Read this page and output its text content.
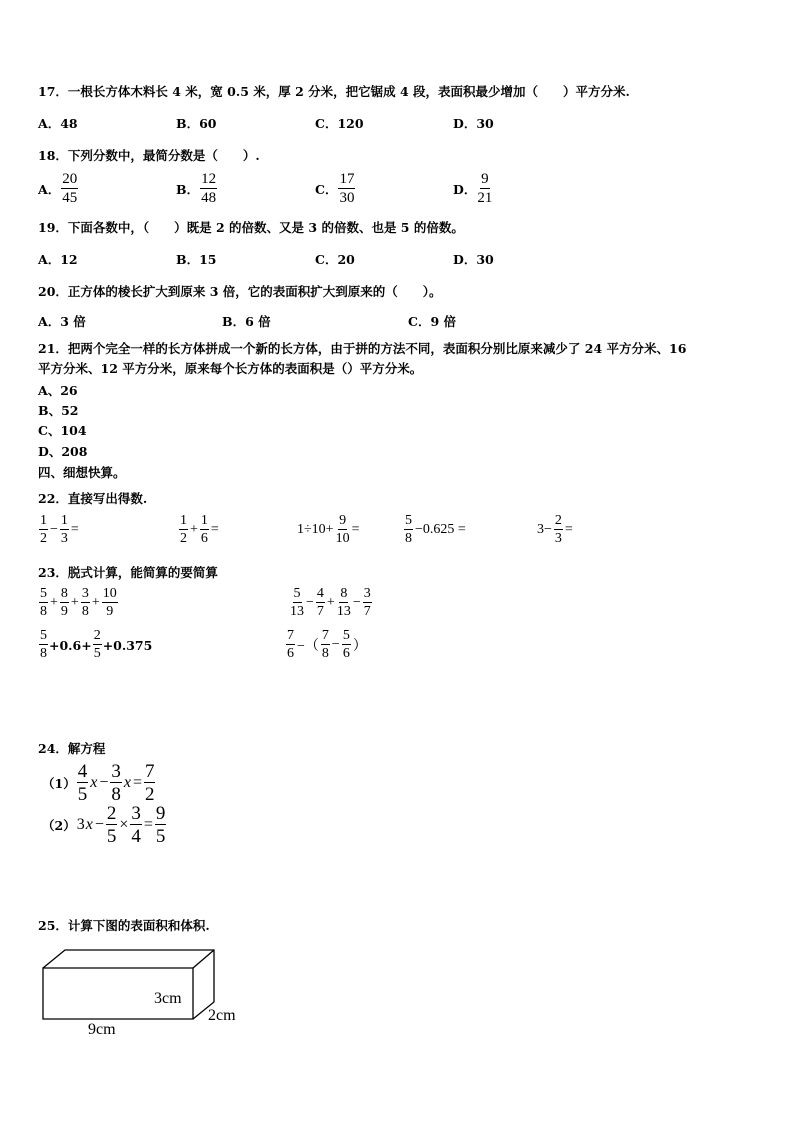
17．一根长方体木料长 4 米，宽 0.5 米，厚 2 分米，把它锯成 4 段，表面积最少增加（　　）平方分米.
A．48	B．60	C．120	D．30
18．下列分数中，最简分数是（　　）.
A． $\frac{20}{45}$	B． $\frac{12}{48}$	C． $\frac{17}{30}$	D． $\frac{9}{21}$
19．下面各数中，（　　）既是 2 的倍数、又是 3 的倍数、也是 5 的倍数。
A．12	B．15	C．20	D．30
20．正方体的棱长扩大到原来 3 倍，它的表面积扩大到原来的（　　）。
A．3 倍	B．6 倍	C．9 倍
21．把两个完全一样的长方体拼成一个新的长方体，由于拼的方法不同，表面积分别比原来减少了 24 平方分米、16
平方分米、12 平方分米，原来每个长方体的表面积是（）平方分米。
A、26
B、52
C、104
D、208
四、细想快算。
22．直接写出得数.
$\frac{1}{2} - \frac{1}{3}$ =	$\frac{1}{2} + \frac{1}{6}$ =	$1\div 10+ \frac{9}{10}$ =	$\frac{5}{8} -0.625$ =	$3- \frac{2}{3}$ =
23．脱式计算，能简算的要简算
$\frac{5}{8} + \frac{8}{9} + \frac{3}{8} + \frac{10}{9}$	$\frac{5}{13} - \frac{4}{7} + \frac{8}{13} - \frac{3}{7}$
$\frac{5}{8} +0.6+ \frac{2}{5} +0.375$	$\frac{7}{6}$ −（ $\frac{7}{8} - \frac{5}{6}$ ）
24．解方程
$(1) \frac{4}{5}$ $x - \frac{3}{8}$ $x = \frac{7}{2}$
（2） 3 $x - \frac{2}{5} \times \frac{3}{4} = \frac{9}{5}$
25．计算下图的表面积和体积.
3cm
2cm
9cm
